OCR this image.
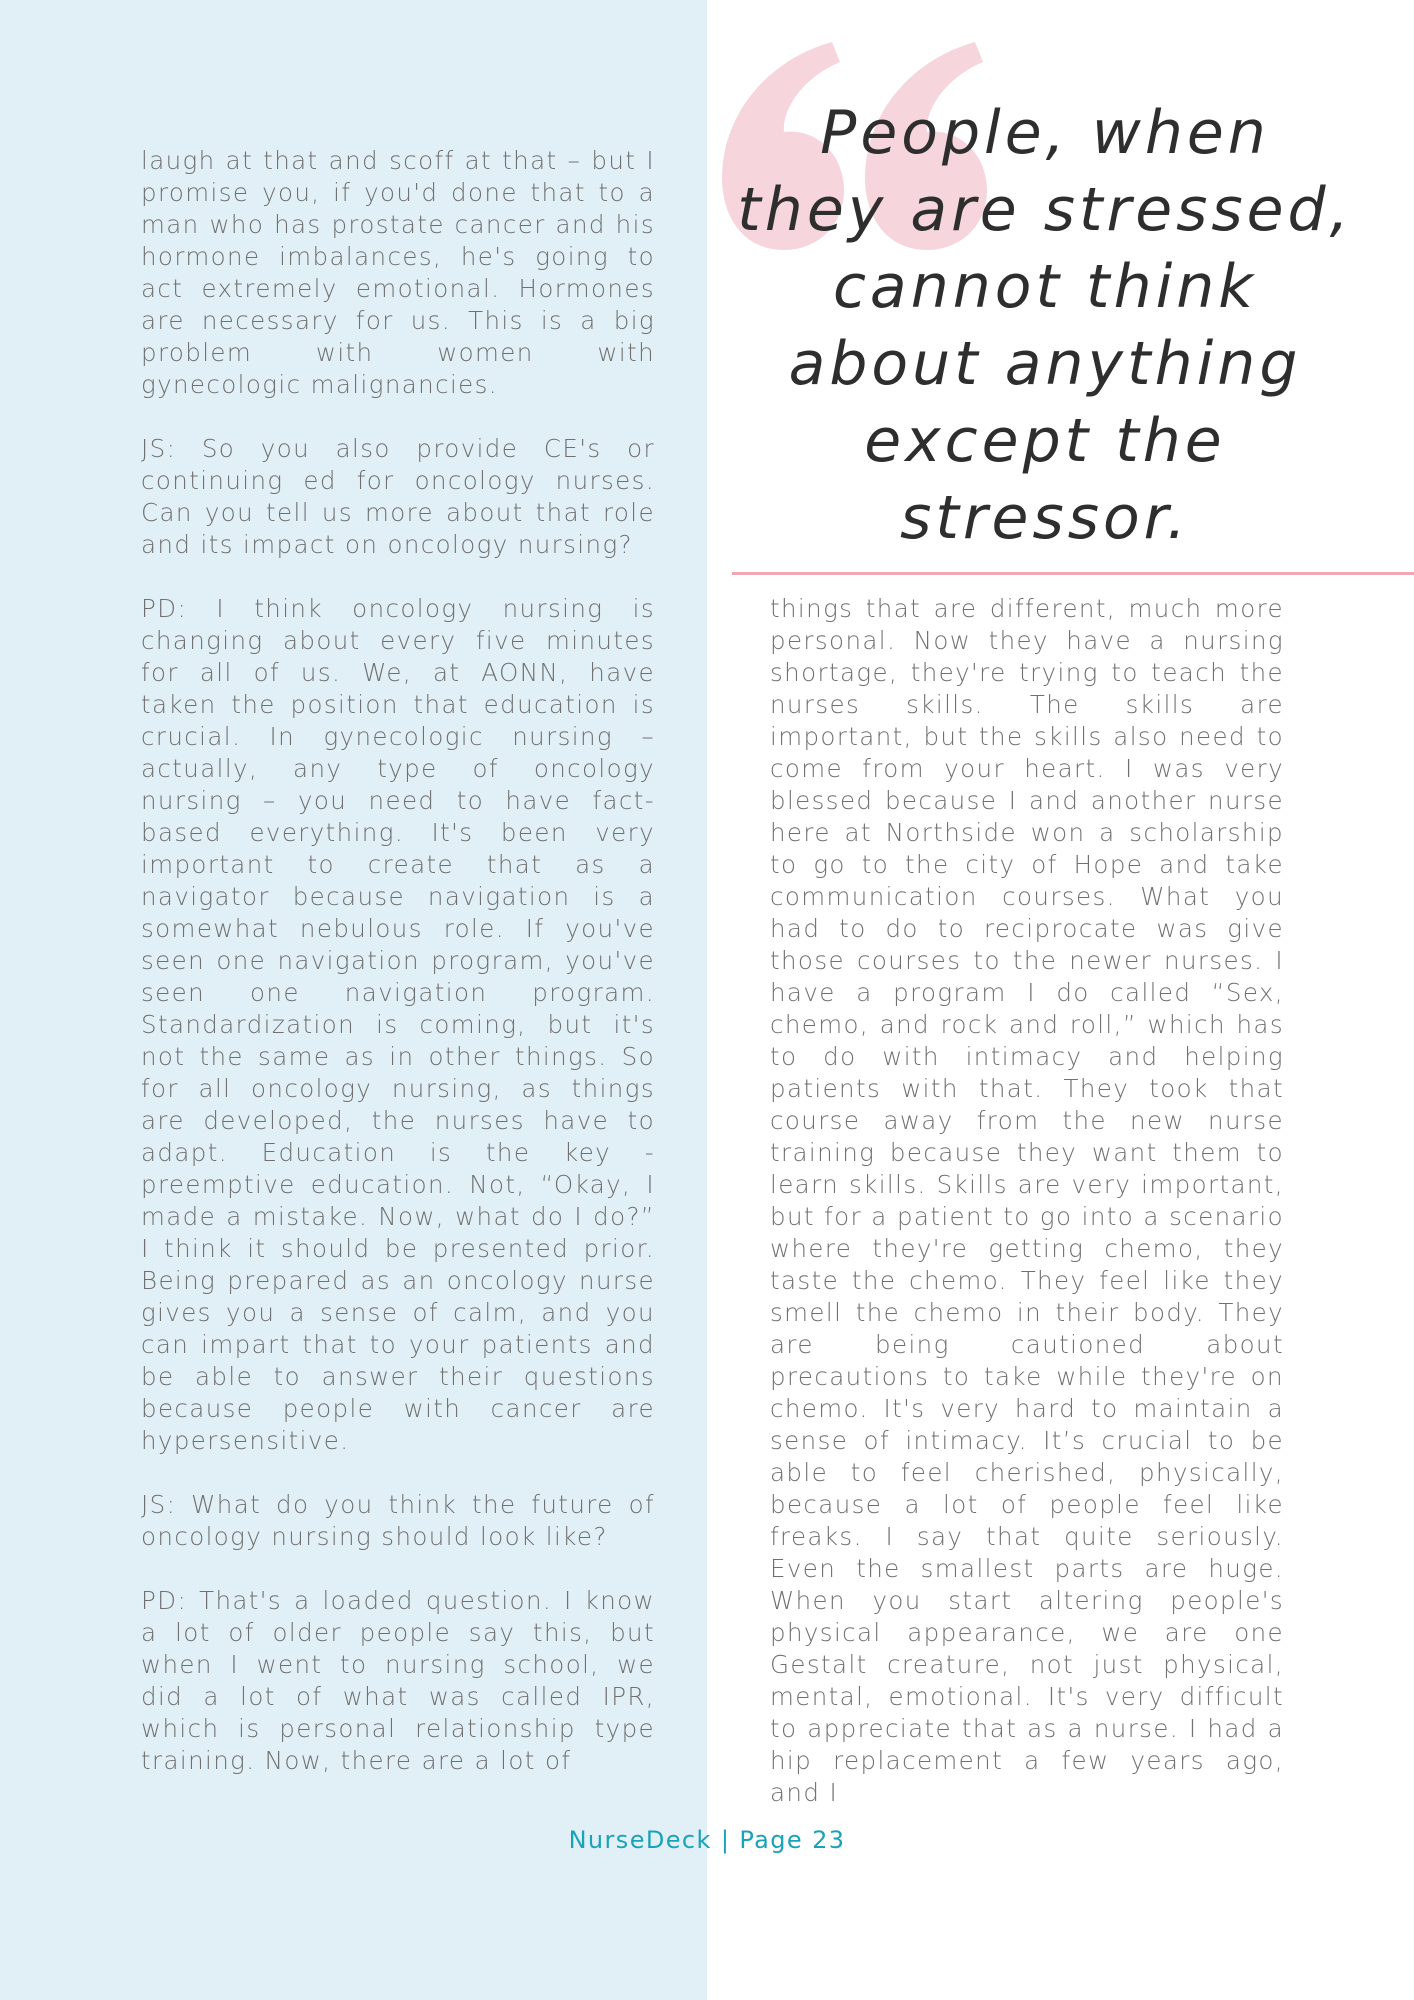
People, when they are stressed, cannot think about anything except the stressor.

laugh at that and scoff at that – but I promise you, if you'd done that to a man who has prostate cancer and his hormone imbalances, he's going to act extremely emotional. Hormones are necessary for us. This is a big problem with women with gynecologic malignancies.

JS: So you also provide CE's or continuing ed for oncology nurses. Can you tell us more about that role and its impact on oncology nursing?

PD: I think oncology nursing is changing about every five minutes for all of us. We, at AONN, have taken the position that education is crucial. In gynecologic nursing – actually, any type of oncology nursing – you need to have fact-based everything. It's been very important to create that as a navigator because navigation is a somewhat nebulous role. If you've seen one navigation program, you've seen one navigation program. Standardization is coming, but it's not the same as in other things. So for all oncology nursing, as things are developed, the nurses have to adapt. Education is the key - preemptive education. Not, “Okay, I made a mistake. Now, what do I do?” I think it should be presented prior. Being prepared as an oncology nurse gives you a sense of calm, and you can impart that to your patients and be able to answer their questions because people with cancer are hypersensitive.

JS: What do you think the future of oncology nursing should look like?

PD: That's a loaded question. I know a lot of older people say this, but when I went to nursing school, we did a lot of what was called IPR, which is personal relationship type training. Now, there are a lot of

things that are different, much more personal. Now they have a nursing shortage, they're trying to teach the nurses skills. The skills are important, but the skills also need to come from your heart. I was very blessed because I and another nurse here at Northside won a scholarship to go to the city of Hope and take communication courses. What you had to do to reciprocate was give those courses to the newer nurses. I have a program I do called “Sex, chemo, and rock and roll,” which has to do with intimacy and helping patients with that. They took that course away from the new nurse training because they want them to learn skills. Skills are very important, but for a patient to go into a scenario where they're getting chemo, they taste the chemo. They feel like they smell the chemo in their body. They are being cautioned about precautions to take while they're on chemo. It's very hard to maintain a sense of intimacy. It’s crucial to be able to feel cherished, physically, because a lot of people feel like freaks. I say that quite seriously. Even the smallest parts are huge. When you start altering people's physical appearance, we are one Gestalt creature, not just physical, mental, emotional. It's very difficult to appreciate that as a nurse. I had a hip replacement a few years ago, and I

NurseDeck | Page 23
